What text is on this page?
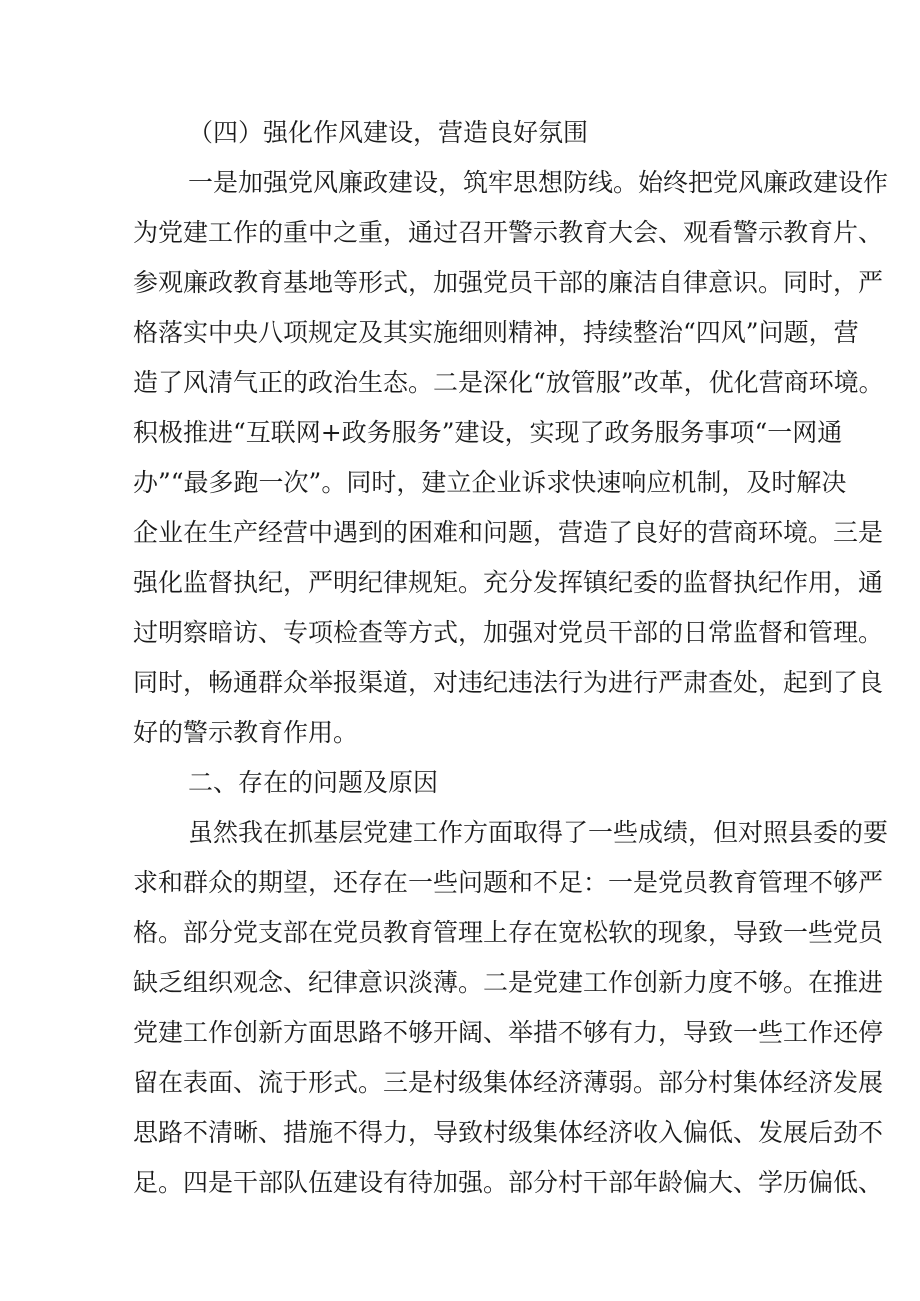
（四）强化作风建设，营造良好氛围
一是加强党风廉政建设，筑牢思想防线。始终把党风廉政建设作
为党建工作的重中之重，通过召开警示教育大会、观看警示教育片、
参观廉政教育基地等形式，加强党员干部的廉洁自律意识。同时，严
格落实中央八项规定及其实施细则精神，持续整治“四风”问题，营
造了风清气正的政治生态。二是深化“放管服”改革，优化营商环境。
积极推进“互联网+政务服务”建设，实现了政务服务事项“一网通
办”“最多跑一次”。同时，建立企业诉求快速响应机制，及时解决
企业在生产经营中遇到的困难和问题，营造了良好的营商环境。三是
强化监督执纪，严明纪律规矩。充分发挥镇纪委的监督执纪作用，通
过明察暗访、专项检查等方式，加强对党员干部的日常监督和管理。
同时，畅通群众举报渠道，对违纪违法行为进行严肃查处，起到了良
好的警示教育作用。
二、存在的问题及原因
虽然我在抓基层党建工作方面取得了一些成绩，但对照县委的要
求和群众的期望，还存在一些问题和不足：一是党员教育管理不够严
格。部分党支部在党员教育管理上存在宽松软的现象，导致一些党员
缺乏组织观念、纪律意识淡薄。二是党建工作创新力度不够。在推进
党建工作创新方面思路不够开阔、举措不够有力，导致一些工作还停
留在表面、流于形式。三是村级集体经济薄弱。部分村集体经济发展
思路不清晰、措施不得力，导致村级集体经济收入偏低、发展后劲不
足。四是干部队伍建设有待加强。部分村干部年龄偏大、学历偏低、
